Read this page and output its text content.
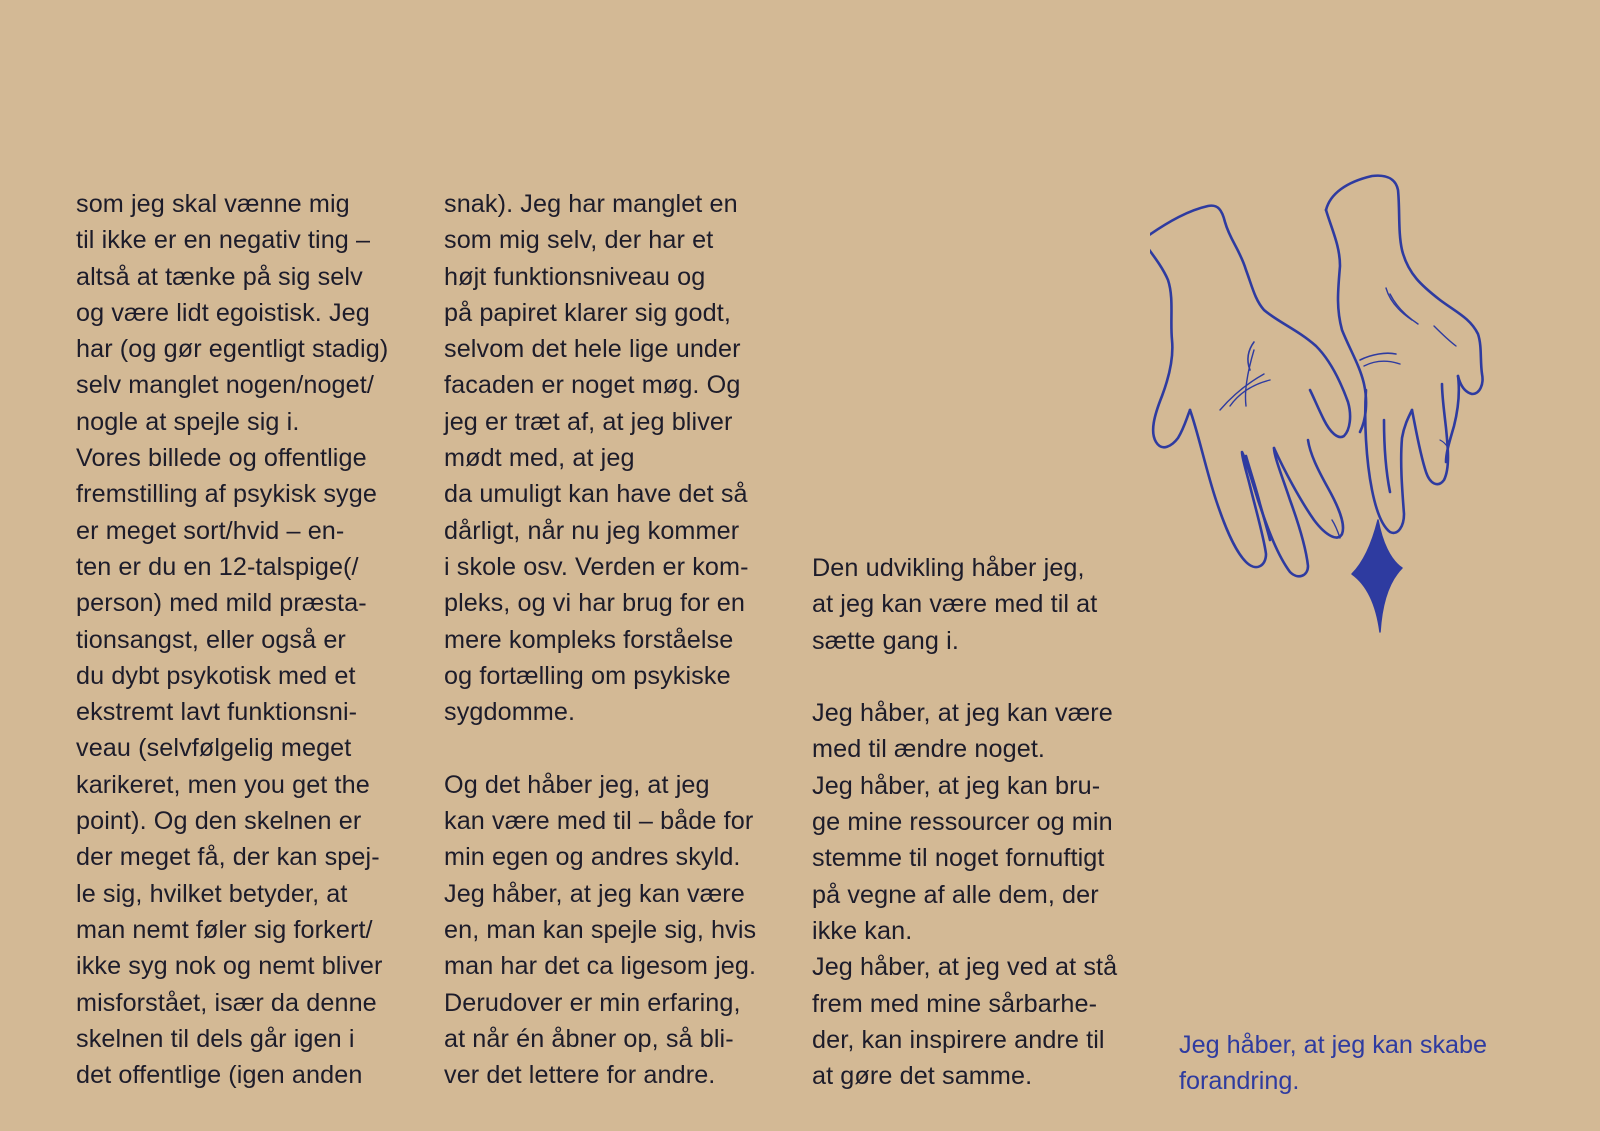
som jeg skal vænne mig
til ikke er en negativ ting –
altså at tænke på sig selv
og være lidt egoistisk. Jeg
har (og gør egentligt stadig)
selv manglet nogen/noget/
nogle at spejle sig i.
Vores billede og offentlige
fremstilling af psykisk syge
er meget sort/hvid – en-
ten er du en 12-talspige(/
person) med mild præsta-
tionsangst, eller også er
du dybt psykotisk med et
ekstremt lavt funktionsni-
veau (selvfølgelig meget
karikeret, men you get the
point). Og den skelnen er
der meget få, der kan spej-
le sig, hvilket betyder, at
man nemt føler sig forkert/
ikke syg nok og nemt bliver
misforstået, især da denne
skelnen til dels går igen i
det offentlige (igen anden
snak). Jeg har manglet en
som mig selv, der har et
højt funktionsniveau og
på papiret klarer sig godt,
selvom det hele lige under
facaden er noget møg. Og
jeg er træt af, at jeg bliver
mødt med, at jeg
da umuligt kan have det så
dårligt, når nu jeg kommer
i skole osv. Verden er kom-
pleks, og vi har brug for en
mere kompleks forståelse
og fortælling om psykiske
sygdomme.
Og det håber jeg, at jeg
kan være med til – både for
min egen og andres skyld.
Jeg håber, at jeg kan være
en, man kan spejle sig, hvis
man har det ca ligesom jeg.
Derudover er min erfaring,
at når én åbner op, så bli-
ver det lettere for andre.
Den udvikling håber jeg,
at jeg kan være med til at
sætte gang i.
Jeg håber, at jeg kan være
med til ændre noget.
Jeg håber, at jeg kan bru-
ge mine ressourcer og min
stemme til noget fornuftigt
på vegne af alle dem, der
ikke kan.
Jeg håber, at jeg ved at stå
frem med mine sårbarhe-
der, kan inspirere andre til
at gøre det samme.
Jeg håber, at jeg kan skabe
forandring.
